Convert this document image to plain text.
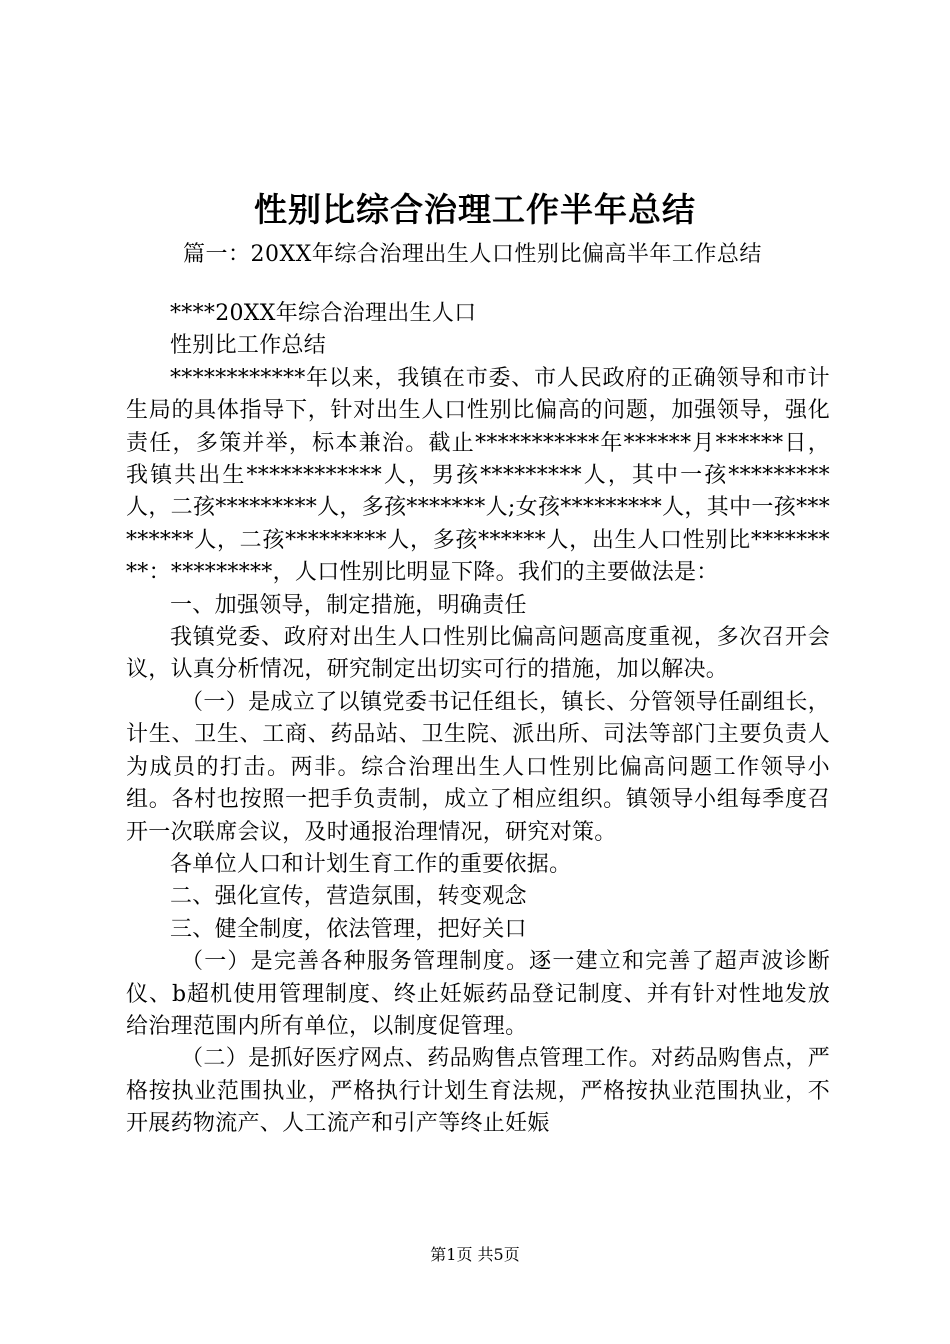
性别比综合治理工作半年总结
篇一：20XX年综合治理出生人口性别比偏高半年工作总结

****20XX年综合治理出生人口

性别比工作总结

************年以来，我镇在市委、市人民政府的正确领导和市计生局的具体指导下，针对出生人口性别比偏高的问题，加强领导，强化责任，多策并举，标本兼治。截止***********年******月******日，我镇共出生************人，男孩*********人，其中一孩*********人，二孩*********人，多孩*******人;女孩*********人，其中一孩*********人，二孩*********人，多孩******人，出生人口性别比*********：*********，人口性别比明显下降。我们的主要做法是：

一、加强领导，制定措施，明确责任

我镇党委、政府对出生人口性别比偏高问题高度重视，多次召开会议，认真分析情况，研究制定出切实可行的措施，加以解决。

（一）是成立了以镇党委书记任组长，镇长、分管领导任副组长，计生、卫生、工商、药品站、卫生院、派出所、司法等部门主要负责人为成员的打击。两非。综合治理出生人口性别比偏高问题工作领导小组。各村也按照一把手负责制，成立了相应组织。镇领导小组每季度召开一次联席会议，及时通报治理情况，研究对策。

各单位人口和计划生育工作的重要依据。

二、强化宣传，营造氛围，转变观念

三、健全制度，依法管理，把好关口

（一）是完善各种服务管理制度。逐一建立和完善了超声波诊断仪、b超机使用管理制度、终止妊娠药品登记制度、并有针对性地发放给治理范围内所有单位，以制度促管理。

（二）是抓好医疗网点、药品购售点管理工作。对药品购售点，严格按执业范围执业，严格执行计划生育法规，严格按执业范围执业，不开展药物流产、人工流产和引产等终止妊娠

第1页 共5页
